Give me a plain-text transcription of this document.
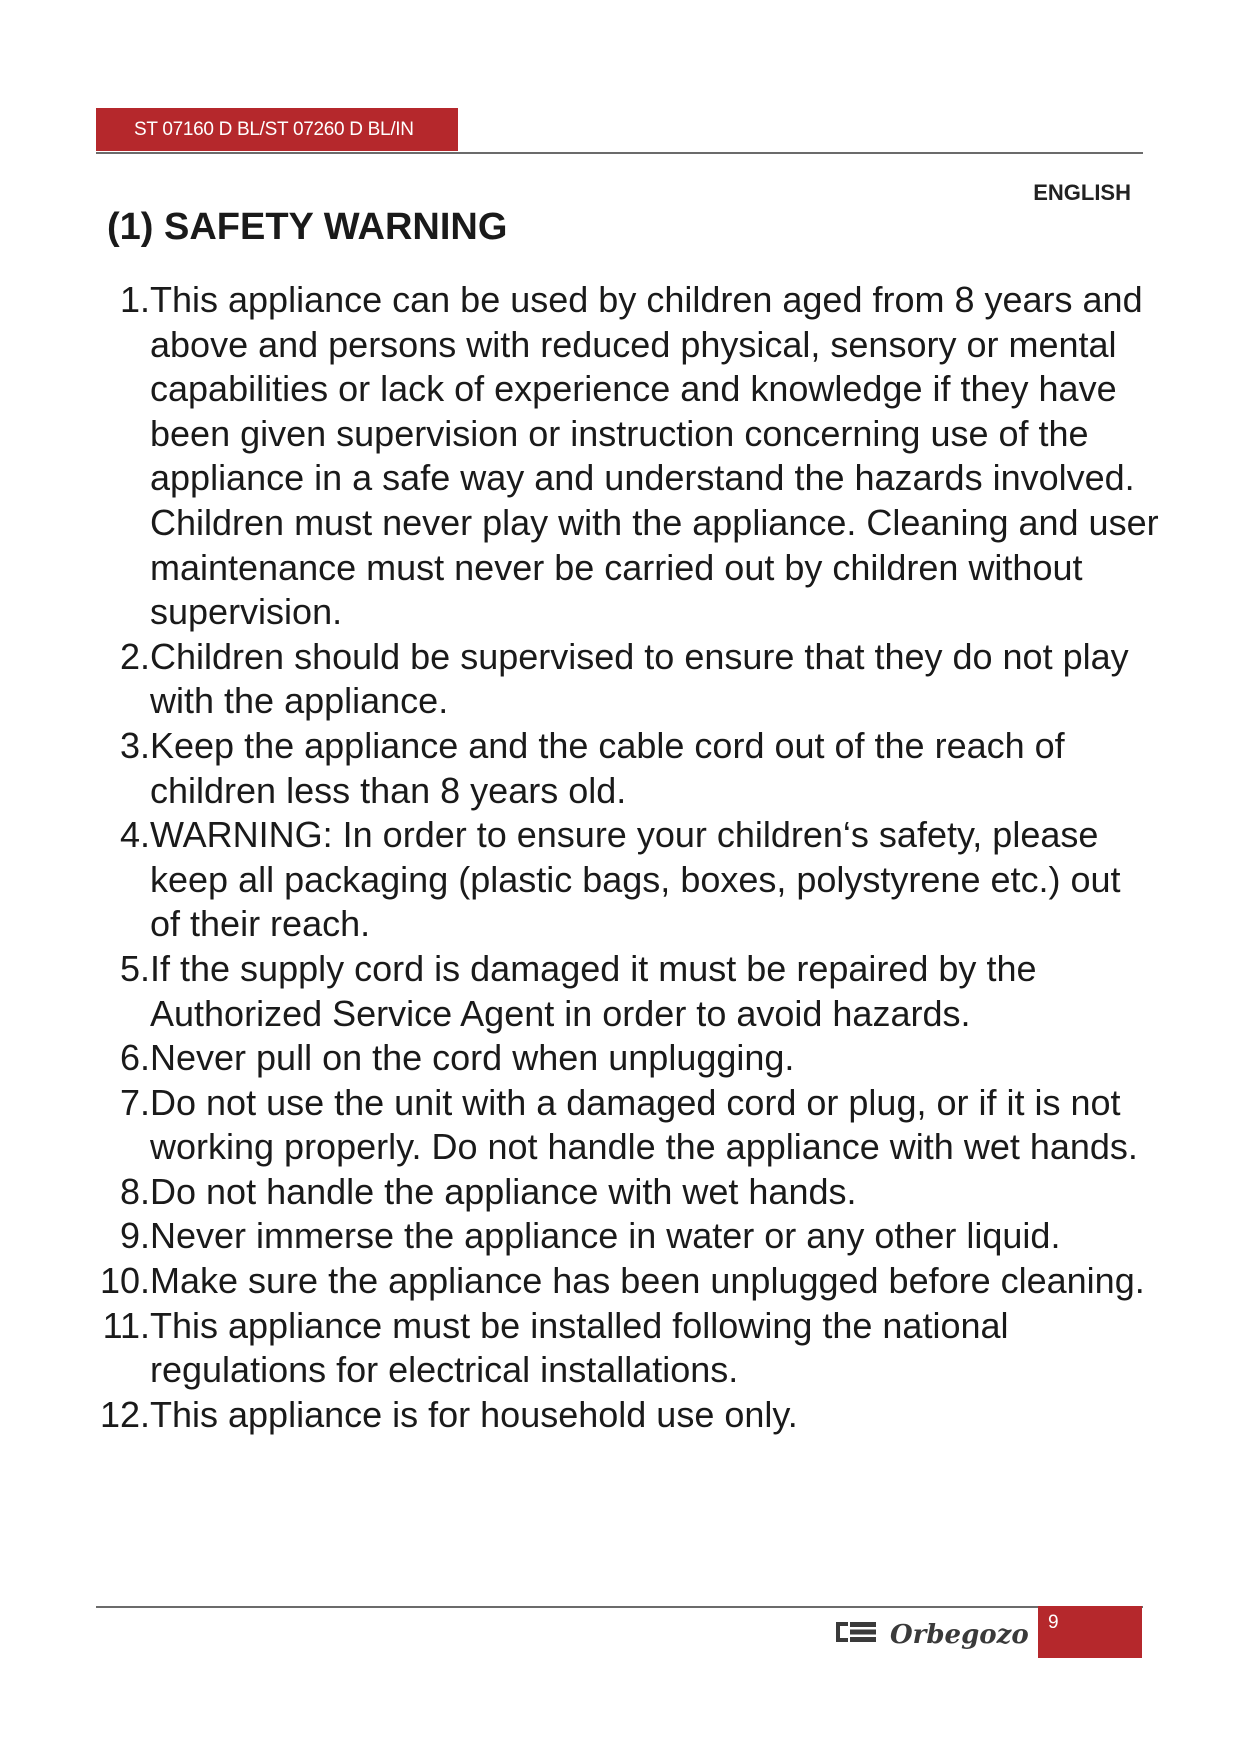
ST 07160 D BL/ST 07260 D BL/IN
ENGLISH
(1) SAFETY WARNING
1. This appliance can be used by children aged from 8 years and above and persons with reduced physical, sensory or mental capabilities or lack of experience and knowledge if they have been given supervision or instruction concerning use of the appliance in a safe way and understand the hazards involved. Children must never play with the appliance. Cleaning and user maintenance must never be carried out by children without supervision.
2. Children should be supervised to ensure that they do not play with the appliance.
3. Keep the appliance and the cable cord out of the reach of children less than 8 years old.
4. WARNING: In order to ensure your children‘s safety, please keep all packaging (plastic bags, boxes, polystyrene etc.) out of their reach.
5. If the supply cord is damaged it must be repaired by the Authorized Service Agent in order to avoid hazards.
6. Never pull on the cord when unplugging.
7. Do not use the unit with a damaged cord or plug, or if it is not working properly. Do not handle the appliance with wet hands.
8. Do not handle the appliance with wet hands.
9. Never immerse the appliance in water or any other liquid.
10. Make sure the appliance has been unplugged before cleaning.
11. This appliance must be installed following the national regulations for electrical installations.
12. This appliance is for household use only.
Orbegozo 9
